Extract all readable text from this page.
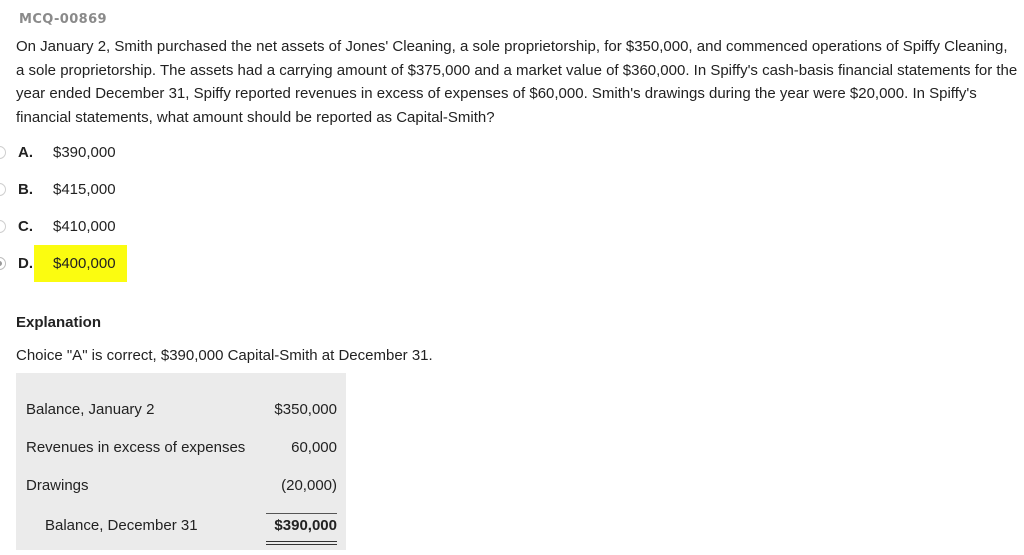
MCQ-00869
On January 2, Smith purchased the net assets of Jones' Cleaning, a sole proprietorship, for $350,000, and commenced operations of Spiffy Cleaning, a sole proprietorship. The assets had a carrying amount of $375,000 and a market value of $360,000. In Spiffy's cash-basis financial statements for the year ended December 31, Spiffy reported revenues in excess of expenses of $60,000. Smith's drawings during the year were $20,000. In Spiffy's financial statements, what amount should be reported as Capital-Smith?
A. $390,000
B. $415,000
C. $410,000
D. $400,000
Explanation
Choice "A" is correct, $390,000 Capital-Smith at December 31.
Balance, January 2	$350,000
Revenues in excess of expenses	60,000
Drawings	(20,000)
Balance, December 31	$390,000
